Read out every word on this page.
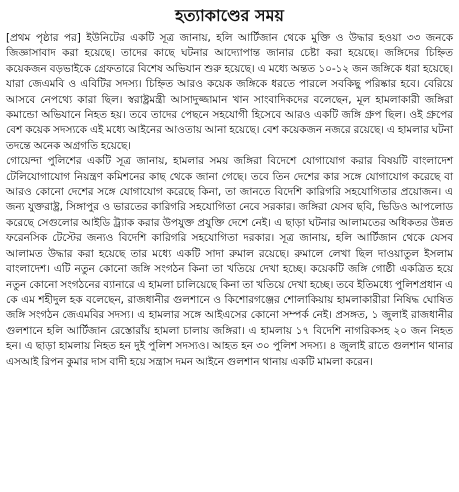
হত্যাকাণ্ডের সময়

[প্রথম পৃষ্ঠার পর] ইউনিটের একটি সূত্র জানায়, হলি আর্টিজান থেকে মুক্তি ও উদ্ধার হওয়া ৩৩ জনকে জিজ্ঞাসাবাদ করা হয়েছে। তাদের কাছে ঘটনার আদ্যোপান্ত জানার চেষ্টা করা হয়েছে। জঙ্গিদের চিহ্নিত কয়েকজন বড়ভাইকে গ্রেফতারে বিশেষ অভিযান শুরু হয়েছে। এ মধ্যে অন্তত ১০-১২ জন জঙ্গিকে ধরা হয়েছে। যারা জেএমবি ও এবিটির সদস্য। চিহ্নিত আরও কয়েক জঙ্গিকে ধরতে পারলে সবকিছু পরিষ্কার হবে। বেরিয়ে আসবে নেপথ্যে কারা ছিল। স্বরাষ্ট্রমন্ত্রী আসাদুজ্জামান খান সাংবাদিকদের বলেছেন, মূল হামলাকারী জঙ্গিরা কমান্ডো অভিযানে নিহত হয়। তবে তাদের পেছনে সহযোগী হিসেবে আরও একটি জঙ্গি গ্রুপ ছিল। ওই গ্রুপের বেশ কয়েক সদস্যকে এই মধ্যে আইনের আওতায় আনা হয়েছে। বেশ কয়েকজন নজরে রয়েছে। এ হামলার ঘটনা তদন্তে অনেক অগ্রগতি হয়েছে।

গোয়েন্দা পুলিশের একটি সূত্র জানায়, হামলার সময় জঙ্গিরা বিদেশে যোগাযোগ করার বিষয়টি বাংলাদেশ টেলিযোগাযোগ নিয়ন্ত্রণ কমিশনের কাছ থেকে জানা গেছে। তবে তিন দেশের কার সঙ্গে যোগাযোগ করেছে বা আরও কোনো দেশের সঙ্গে যোগাযোগ করেছে কিনা, তা জানতে বিদেশি কারিগরি সহযোগিতার প্রয়োজন। এ জন্য যুক্তরাষ্ট্র, সিঙ্গাপুর ও ভারতের কারিগরি সহযোগিতা নেবে সরকার। জঙ্গিরা যেসব ছবি, ভিডিও আপলোড করেছে সেগুলোর আইডি ট্র্যাক করার উপযুক্ত প্রযুক্তি দেশে নেই। এ ছাড়া ঘটনার আলামতের অধিকতর উন্নত ফরেনসিক টেস্টের জন্যও বিদেশি কারিগরি সহযোগিতা দরকার। সূত্র জানায়, হলি আর্টিজান থেকে যেসব আলামত উদ্ধার করা হয়েছে তার মধ্যে একটি সাদা রুমাল রয়েছে। রুমালে লেখা ছিল দাওয়াতুল ইসলাম বাংলাদেশ। এটি নতুন কোনো জঙ্গি সংগঠন কিনা তা খতিয়ে দেখা হচ্ছে। কয়েকটি জঙ্গি গোষ্ঠী একত্রিত হয়ে নতুন কোনো সংগঠনের ব্যানারে এ হামলা চালিয়েছে কিনা তা খতিয়ে দেখা হচ্ছে। তবে ইতিমধ্যে পুলিশপ্রধান এ কে এম শহীদুল হক বলেছেন, রাজধানীর গুলশানে ও কিশোরগঞ্জের শোলাকিয়ায় হামলাকারীরা নিষিদ্ধ ঘোষিত জঙ্গি সংগঠন জেএমবির সদস্য। এ হামলার সঙ্গে আইএসের কোনো সম্পর্ক নেই। প্রসঙ্গত, ১ জুলাই রাজধানীর গুলশানে হলি আর্টিজান রেস্তোরাঁয় হামলা চালায় জঙ্গিরা। এ হামলায় ১৭ বিদেশি নাগরিকসহ ২০ জন নিহত হন। এ ছাড়া হামলায় নিহত হন দুই পুলিশ সদস্যও। আহত হন ৩০ পুলিশ সদস্য। ৪ জুলাই রাতে গুলশান থানার এসআই রিপন কুমার দাস বাদী হয়ে সন্ত্রাস দমন আইনে গুলশান থানায় একটি মামলা করেন।
